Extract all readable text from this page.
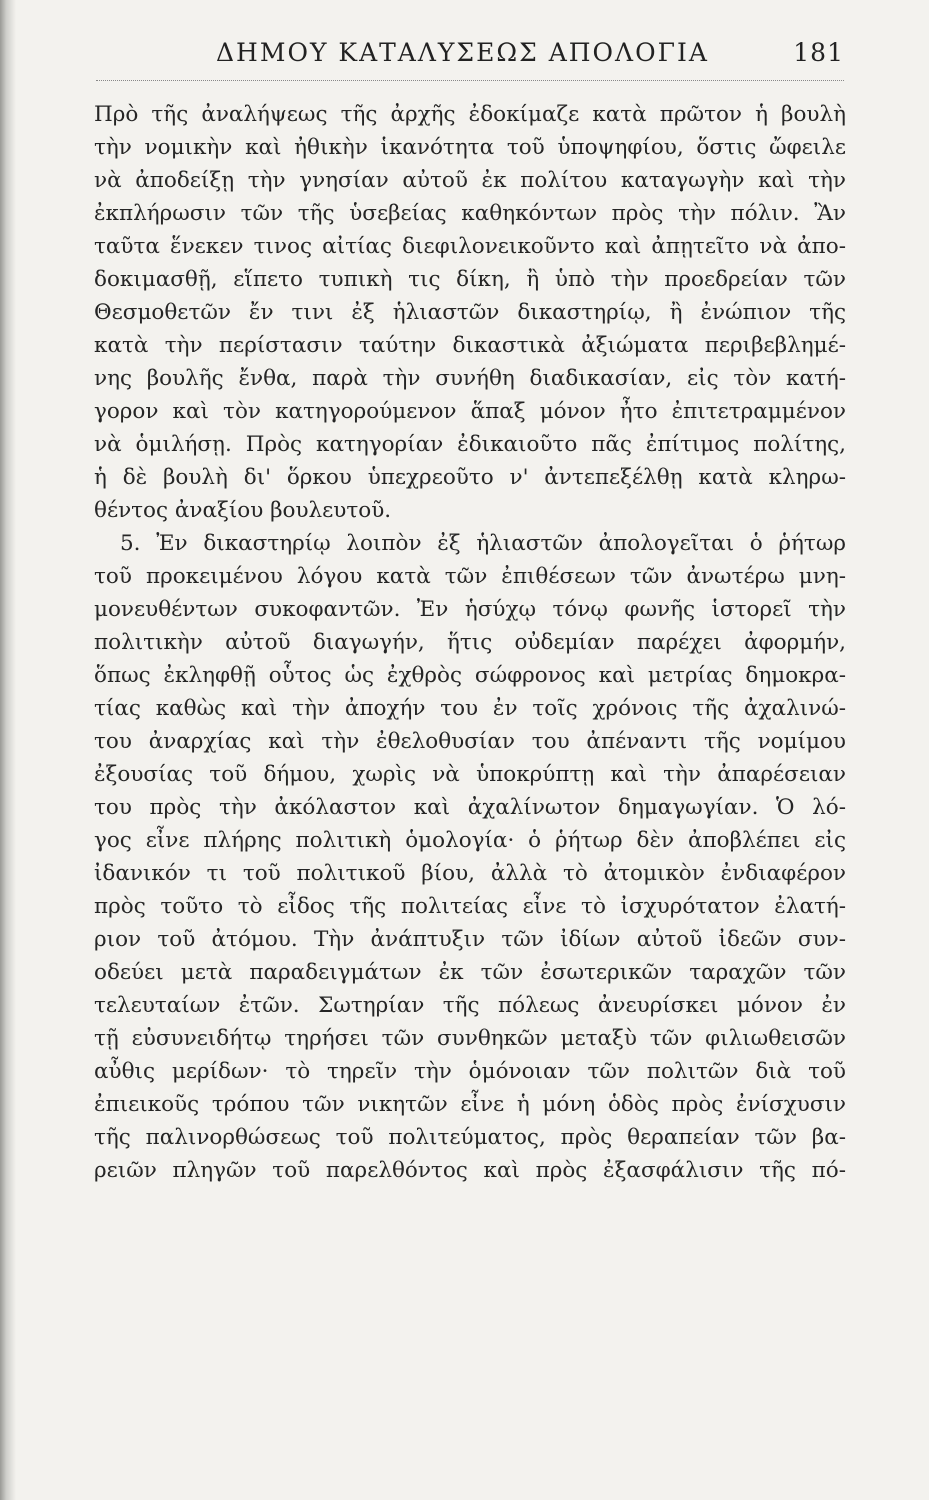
ΔΗΜΟΥ ΚΑΤΑΛΥΣΕΩΣ ΑΠΟΛΟΓΙΑ	181
Πρὸ τῆς ἀναλήψεως τῆς ἀρχῆς ἐδοκίμαζε κατὰ πρῶτον ἡ βουλὴ
τὴν νομικὴν καὶ ἠθικὴν ἱκανότητα τοῦ ὑποψηφίου, ὅστις ὤφειλε
νὰ ἀποδείξῃ τὴν γνησίαν αὐτοῦ ἐκ πολίτου καταγωγὴν καὶ τὴν
ἐκπλήρωσιν τῶν τῆς ὑσεβείας καθηκόντων πρὸς τὴν πόλιν. Ἂν
ταῦτα ἕνεκεν τινος αἰτίας διεφιλονεικοῦντο καὶ ἀπῃτεῖτο νὰ ἀπο-
δοκιμασθῇ, εἵπετο τυπικὴ τις δίκη, ἢ ὑπὸ τὴν προεδρείαν τῶν
Θεσμοθετῶν ἔν τινι ἐξ ἡλιαστῶν δικαστηρίῳ, ἢ ἐνώπιον τῆς
κατὰ τὴν περίστασιν ταύτην δικαστικὰ ἀξιώματα περιβεβλημέ-
νης βουλῆς ἔνθα, παρὰ τὴν συνήθη διαδικασίαν, εἰς τὸν κατή-
γορον καὶ τὸν κατηγορούμενον ἅπαξ μόνον ἦτο ἐπιτετραμμένον
νὰ ὁμιλήσῃ. Πρὸς κατηγορίαν ἐδικαιοῦτο πᾶς ἐπίτιμος πολίτης,
ἡ δὲ βουλὴ δι' ὅρκου ὑπεχρεοῦτο ν' ἀντεπεξέλθῃ κατὰ κληρω-
θέντος ἀναξίου βουλευτοῦ.
5. Ἐν δικαστηρίῳ λοιπὸν ἐξ ἡλιαστῶν ἀπολογεῖται ὁ ῥήτωρ
τοῦ προκειμένου λόγου κατὰ τῶν ἐπιθέσεων τῶν ἀνωτέρω μνη-
μονευθέντων συκοφαντῶν. Ἐν ἡσύχῳ τόνῳ φωνῆς ἱστορεῖ τὴν
πολιτικὴν αὐτοῦ διαγωγήν, ἥτις οὐδεμίαν παρέχει ἀφορμήν,
ὅπως ἐκληφθῇ οὗτος ὡς ἐχθρὸς σώφρονος καὶ μετρίας δημοκρα-
τίας καθὼς καὶ τὴν ἀποχήν του ἐν τοῖς χρόνοις τῆς ἀχαλινώ-
του ἀναρχίας καὶ τὴν ἐθελοθυσίαν του ἀπέναντι τῆς νομίμου
ἐξουσίας τοῦ δήμου, χωρὶς νὰ ὑποκρύπτῃ καὶ τὴν ἀπαρέσειαν
του πρὸς τὴν ἀκόλαστον καὶ ἀχαλίνωτον δημαγωγίαν. Ὁ λό-
γος εἶνε πλήρης πολιτικὴ ὁμολογία· ὁ ῥήτωρ δὲν ἀποβλέπει εἰς
ἰδανικόν τι τοῦ πολιτικοῦ βίου, ἀλλὰ τὸ ἀτομικὸν ἐνδιαφέρον
πρὸς τοῦτο τὸ εἶδος τῆς πολιτείας εἶνε τὸ ἰσχυρότατον ἐλατή-
ριον τοῦ ἀτόμου. Τὴν ἀνάπτυξιν τῶν ἰδίων αὐτοῦ ἰδεῶν συν-
οδεύει μετὰ παραδειγμάτων ἐκ τῶν ἐσωτερικῶν ταραχῶν τῶν
τελευταίων ἐτῶν. Σωτηρίαν τῆς πόλεως ἀνευρίσκει μόνον ἐν
τῇ εὐσυνειδήτῳ τηρήσει τῶν συνθηκῶν μεταξὺ τῶν φιλιωθεισῶν
αὖθις μερίδων· τὸ τηρεῖν τὴν ὁμόνοιαν τῶν πολιτῶν διὰ τοῦ
ἐπιεικοῦς τρόπου τῶν νικητῶν εἶνε ἡ μόνη ὁδὸς πρὸς ἐνίσχυσιν
τῆς παλινορθώσεως τοῦ πολιτεύματος, πρὸς θεραπείαν τῶν βα-
ρειῶν πληγῶν τοῦ παρελθόντος καὶ πρὸς ἐξασφάλισιν τῆς πό-
